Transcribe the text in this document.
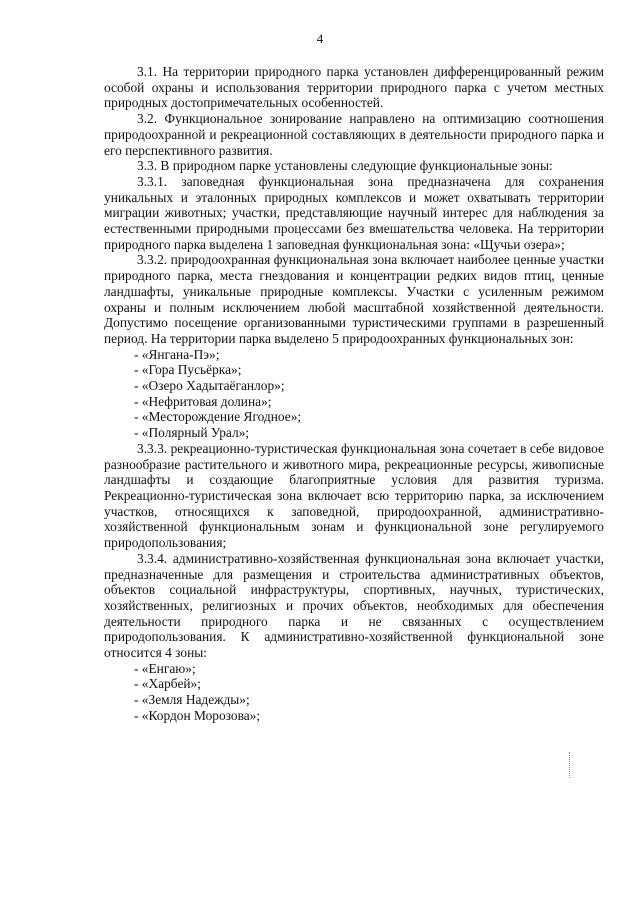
4

3.1. На территории природного парка установлен дифференцированный режим особой охраны и использования территории природного парка с учетом местных природных достопримечательных особенностей.

3.2. Функциональное зонирование направлено на оптимизацию соотношения природоохранной и рекреационной составляющих в деятельности природного парка и его перспективного развития.

3.3. В природном парке установлены следующие функциональные зоны:

3.3.1. заповедная функциональная зона предназначена для сохранения уникальных и эталонных природных комплексов и может охватывать территории миграции животных; участки, представляющие научный интерес для наблюдения за естественными природными процессами без вмешательства человека. На территории природного парка выделена 1 заповедная функциональная зона: «Щучьи озера»;

3.3.2. природоохранная функциональная зона включает наиболее ценные участки природного парка, места гнездования и концентрации редких видов птиц, ценные ландшафты, уникальные природные комплексы. Участки с усиленным режимом охраны и полным исключением любой масштабной хозяйственной деятельности. Допустимо посещение организованными туристическими группами в разрешенный период. На территории парка выделено 5 природоохранных функциональных зон:

- «Янгана-Пэ»;
- «Гора Пусьёрка»;
- «Озеро Хадытаёганлор»;
- «Нефритовая долина»;
- «Месторождение Ягодное»;
- «Полярный Урал»;

3.3.3. рекреационно-туристическая функциональная зона сочетает в себе видовое разнообразие растительного и животного мира, рекреационные ресурсы, живописные ландшафты и создающие благоприятные условия для развития туризма. Рекреационно-туристическая зона включает всю территорию парка, за исключением участков, относящихся к заповедной, природоохранной, административно-хозяйственной функциональным зонам и функциональной зоне регулируемого природопользования;

3.3.4. административно-хозяйственная функциональная зона включает участки, предназначенные для размещения и строительства административных объектов, объектов социальной инфраструктуры, спортивных, научных, туристических, хозяйственных, религиозных и прочих объектов, необходимых для обеспечения деятельности природного парка и не связанных с осуществлением природопользования. К административно-хозяйственной функциональной зоне относится 4 зоны:

- «Енгаю»;
- «Харбей»;
- «Земля Надежды»;
- «Кордон Морозова»;
